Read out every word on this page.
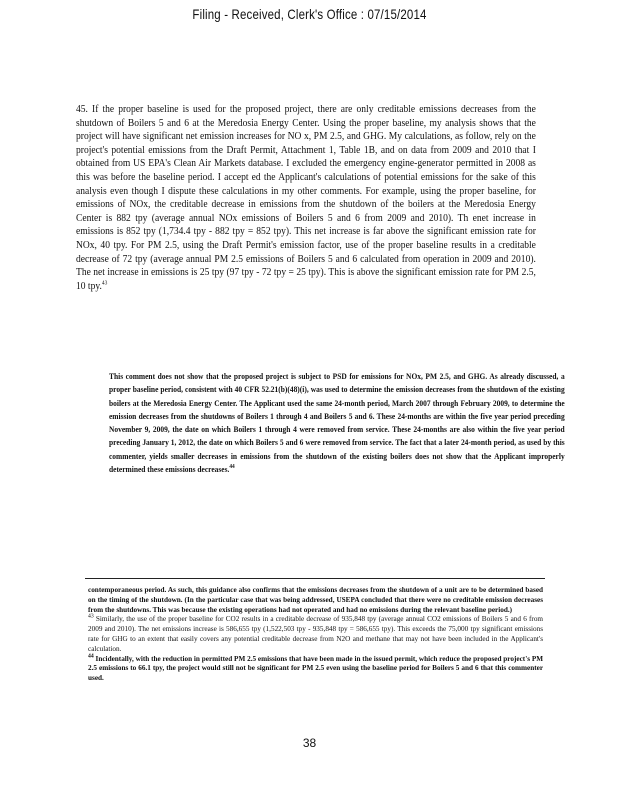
Filing - Received, Clerk's Office : 07/15/2014
45. If the proper baseline is used for the proposed project, there are only creditable emissions decreases from the shutdown of Boilers 5 and 6 at the Meredosia Energy Center. Using the proper baseline, my analysis shows that the project will have significant net emission increases for NO x, PM 2.5, and GHG. My calculations, as follow, rely on the project's potential emissions from the Draft Permit, Attachment 1, Table 1B, and on data from 2009 and 2010 that I obtained from US EPA's Clean Air Markets database. I excluded the emergency engine-generator permitted in 2008 as this was before the baseline period. I accept ed the Applicant's calculations of potential emissions for the sake of this analysis even though I dispute these calculations in my other comments. For example, using the proper baseline, for emissions of NOx, the creditable decrease in emissions from the shutdown of the boilers at the Meredosia Energy Center is 882 tpy (average annual NOx emissions of Boilers 5 and 6 from 2009 and 2010). Th enet increase in emissions is 852 tpy (1,734.4 tpy - 882 tpy = 852 tpy). This net increase is far above the significant emission rate for NOx, 40 tpy. For PM 2.5, using the Draft Permit's emission factor, use of the proper baseline results in a creditable decrease of 72 tpy (average annual PM 2.5 emissions of Boilers 5 and 6 calculated from operation in 2009 and 2010). The net increase in emissions is 25 tpy (97 tpy - 72 tpy = 25 tpy). This is above the significant emission rate for PM 2.5, 10 tpy.$^{43}$
This comment does not show that the proposed project is subject to PSD for emissions for NOx, PM 2.5, and GHG. As already discussed, a proper baseline period, consistent with 40 CFR 52.21(b)(48)(i), was used to determine the emission decreases from the shutdown of the existing boilers at the Meredosia Energy Center. The Applicant used the same 24-month period, March 2007 through February 2009, to determine the emission decreases from the shutdowns of Boilers 1 through 4 and Boilers 5 and 6. These 24-months are within the five year period preceding November 9, 2009, the date on which Boilers 1 through 4 were removed from service. These 24-months are also within the five year period preceding January 1, 2012, the date on which Boilers 5 and 6 were removed from service. The fact that a later 24-month period, as used by this commenter, yields smaller decreases in emissions from the shutdown of the existing boilers does not show that the Applicant improperly determined these emissions decreases.$^{44}$

contemporaneous period. As such, this guidance also confirms that the emissions decreases from the shutdown of a unit are to be determined based on the timing of the shutdown. (In the particular case that was being addressed, USEPA concluded that there were no creditable emission decreases from the shutdowns. This was because the existing operations had not operated and had no emissions during the relevant baseline period.)

$^{43}$ Similarly, the use of the proper baseline for CO2 results in a creditable decrease of 935,848 tpy (average annual CO2 emissions of Boilers 5 and 6 from 2009 and 2010). The net emissions increase is 586,655 tpy (1,522,503 tpy - 935,848 tpy = 586,655 tpy). This exceeds the 75,000 tpy significant emissions rate for GHG to an extent that easily covers any potential creditable decrease from N2O and methane that may not have been included in the Applicant's calculation.

$^{44}$ Incidentally, with the reduction in permitted PM 2.5 emissions that have been made in the issued permit, which reduce the proposed project's PM 2.5 emissions to 66.1 tpy, the project would still not be significant for PM 2.5 even using the baseline period for Boilers 5 and 6 that this commenter used.

38
